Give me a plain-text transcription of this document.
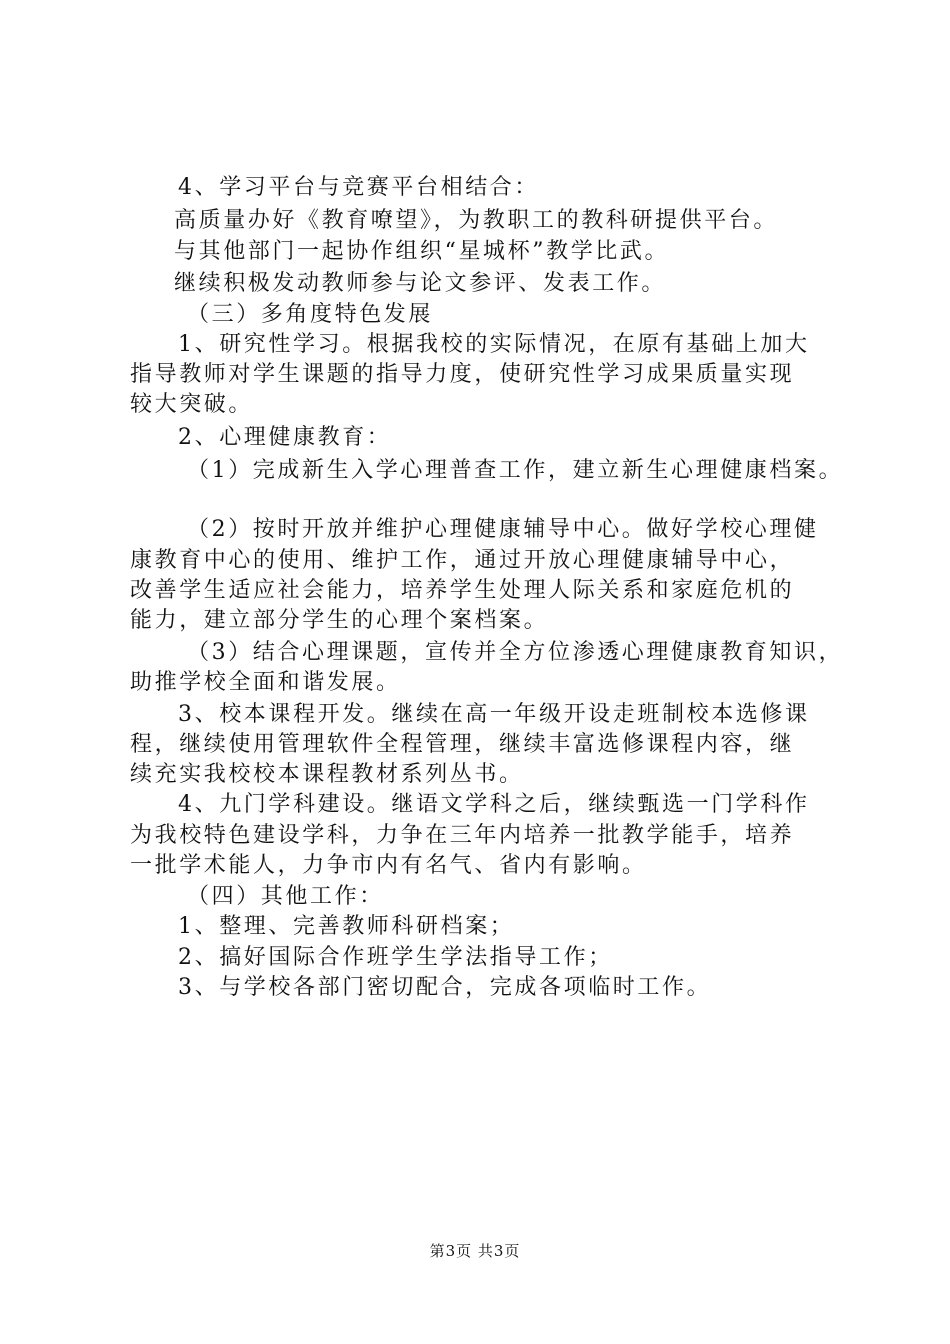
4、学习平台与竞赛平台相结合：
高质量办好《教育嘹望》，为教职工的教科研提供平台。
与其他部门一起协作组织“星城杯”教学比武。
继续积极发动教师参与论文参评、发表工作。
（三）多角度特色发展
1、研究性学习。根据我校的实际情况，在原有基础上加大
指导教师对学生课题的指导力度，使研究性学习成果质量实现
较大突破。
2、心理健康教育：
（1）完成新生入学心理普查工作，建立新生心理健康档案。
（2）按时开放并维护心理健康辅导中心。做好学校心理健
康教育中心的使用、维护工作，通过开放心理健康辅导中心，
改善学生适应社会能力，培养学生处理人际关系和家庭危机的
能力，建立部分学生的心理个案档案。
（3）结合心理课题，宣传并全方位渗透心理健康教育知识，
助推学校全面和谐发展。
3、校本课程开发。继续在高一年级开设走班制校本选修课
程，继续使用管理软件全程管理，继续丰富选修课程内容，继
续充实我校校本课程教材系列丛书。
4、九门学科建设。继语文学科之后，继续甄选一门学科作
为我校特色建设学科，力争在三年内培养一批教学能手，培养
一批学术能人，力争市内有名气、省内有影响。
（四）其他工作：
1、整理、完善教师科研档案；
2、搞好国际合作班学生学法指导工作；
3、与学校各部门密切配合，完成各项临时工作。
第3页 共3页
